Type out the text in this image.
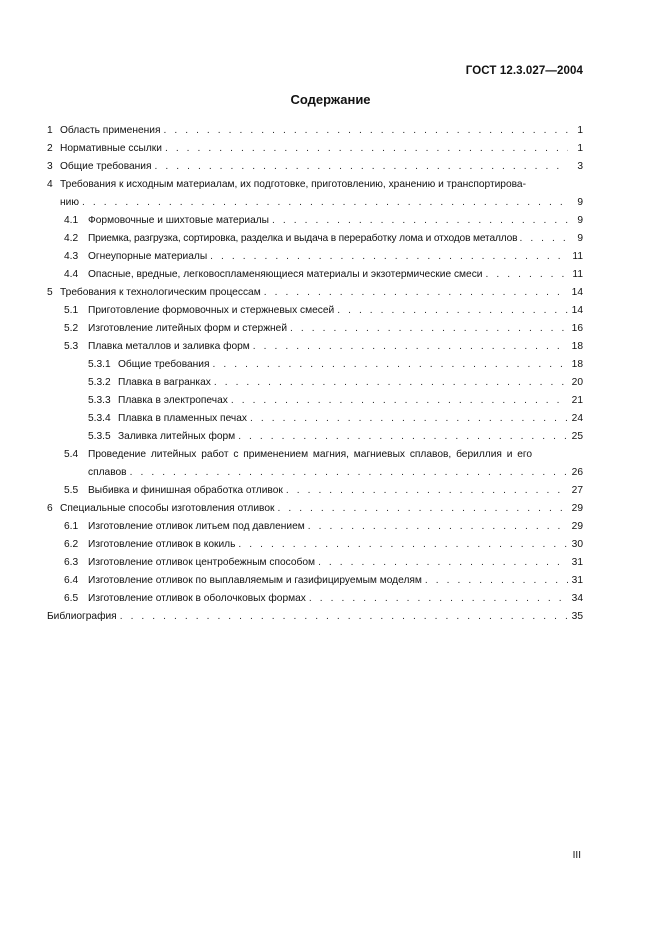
ГОСТ 12.3.027—2004
Содержание
1 Область применения . . .	1
2 Нормативные ссылки . . .	1
3 Общие требования . . .	3
4 Требования к исходным материалам, их подготовке, приготовлению, хранению и транспортирова-
нию . . .	9
4.1 Формовочные и шихтовые материалы . . .	9
4.2 Приемка, разгрузка, сортировка, разделка и выдача в переработку лома и отходов металлов . . .	9
4.3 Огнеупорные материалы . . .	11
4.4 Опасные, вредные, легковоспламеняющиеся материалы и экзотермические смеси . . .	11
5 Требования к технологическим процессам . . .	14
5.1 Приготовление формовочных и стержневых смесей . . .	14
5.2 Изготовление литейных форм и стержней . . .	16
5.3 Плавка металлов и заливка форм . . .	18
5.3.1 Общие требования . . .	18
5.3.2 Плавка в вагранках . . .	20
5.3.3 Плавка в электропечах . . .	21
5.3.4 Плавка в пламенных печах . . .	24
5.3.5 Заливка литейных форм . . .	25
5.4 Проведение литейных работ с применением магния, магниевых сплавов, бериллия и его
сплавов . . .	26
5.5 Выбивка и финишная обработка отливок . . .	27
6 Специальные способы изготовления отливок . . .	29
6.1 Изготовление отливок литьем под давлением . . .	29
6.2 Изготовление отливок в кокиль . . .	30
6.3 Изготовление отливок центробежным способом . . .	31
6.4 Изготовление отливок по выплавляемым и газифицируемым моделям . . .	31
6.5 Изготовление отливок в оболочковых формах . . .	34
Библиография . . .	35
III
